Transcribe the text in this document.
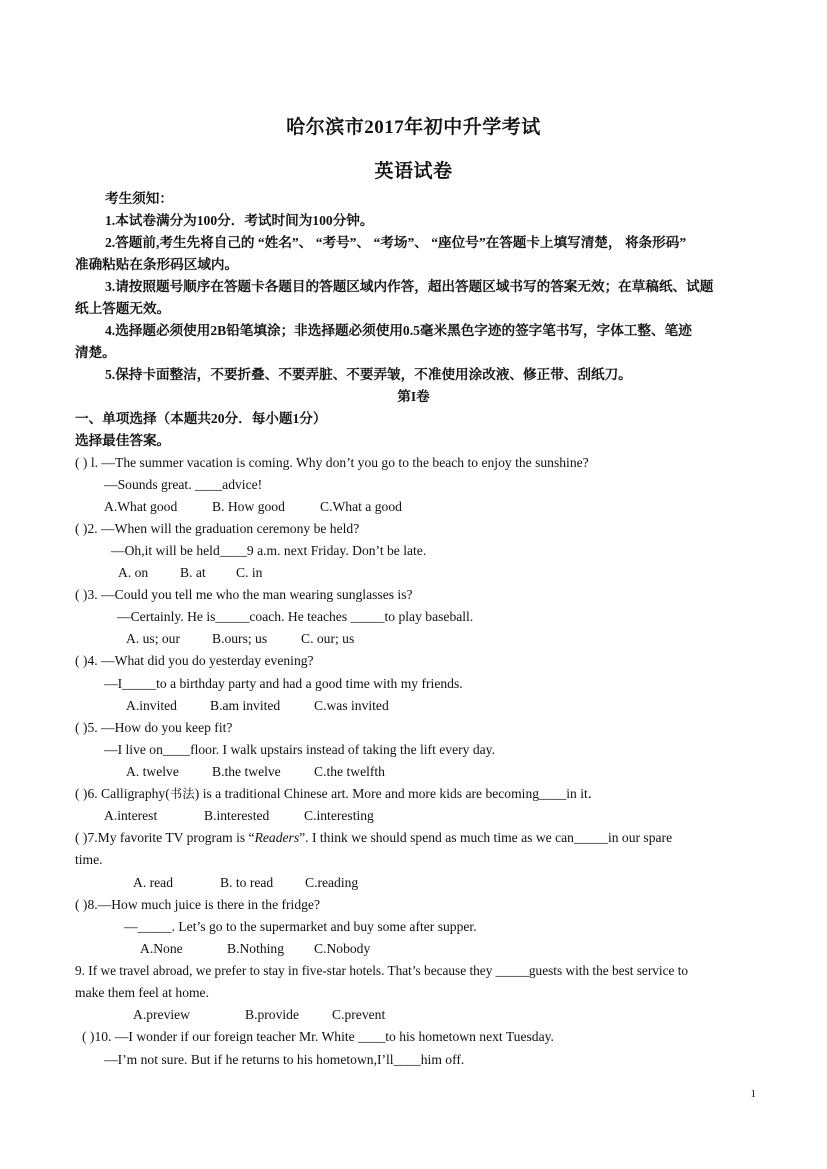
哈尔滨市2017年初中升学考试
英语试卷
考生须知：
1.本试卷满分为100分．考试时间为100分钟。
2.答题前,考生先将自己的 “姓名”、 “考号”、 “考场”、 “座位号”在答题卡上填写清楚， 将条形码”
准确粘贴在条形码区域内。
3.请按照题号顺序在答题卡各题目的答题区域内作答，超出答题区域书写的答案无效；在草稿纸、试题
纸上答题无效。
4.选择题必须使用2B铅笔填涂；非选择题必须使用0.5毫米黑色字迹的签字笔书写，字体工整、笔迹
清楚。
5.保持卡面整洁，不要折叠、不要弄脏、不要弄皱，不准使用涂改液、修正带、刮纸刀。
第I卷
一、单项选择（本题共20分．每小题1分）
选择最佳答案。
( ) l. —The summer vacation is coming. Why don’t you go to the beach to enjoy the sunshine?
—Sounds great. ____advice!
A.What good	B. How good	C.What a good
( )2. —When will the graduation ceremony be held?
—Oh,it will be held____9 a.m. next Friday. Don’t be late.
A. on B. at C. in
( )3. —Could you tell me who the man wearing sunglasses is?
—Certainly. He is_____coach. He teaches _____to play baseball.
A. us; our B.ours; us C. our; us
( )4. —What did you do yesterday evening?
—I_____to a birthday party and had a good time with my friends.
A.invited B.am invited C.was invited
( )5. —How do you keep fit?
—I live on____floor. I walk upstairs instead of taking the lift every day.
A. twelve B.the twelve C.the twelfth
( )6. Calligraphy(书法) is a traditional Chinese art. More and more kids are becoming____in it．
A.interest	B.interested	C.interesting
( )7.My favorite TV program is “Readers”. I think we should spend as much time as we can_____in our spare
time.
A. read	B. to read C.reading
( )8.—How much juice is there in the fridge?
—_____. Let’s go to the supermarket and buy some after supper.
A.None	B.Nothing C.Nobody
9. If we travel abroad, we prefer to stay in five-star hotels. That’s because they _____guests with the best service to
make them feel at home.
A.preview	B.provide C.prevent
( )10. —I wonder if our foreign teacher Mr. White ____to his hometown next Tuesday.
—I’m not sure. But if he returns to his hometown,I’ll____him off.
1
